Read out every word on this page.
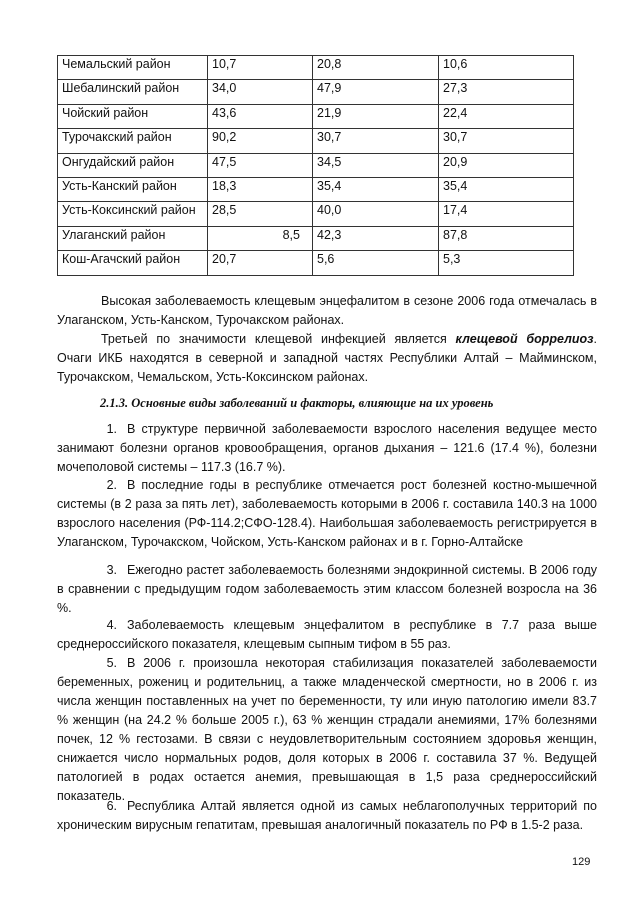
Чемальский район	10,7	20,8	10,6
Шебалинский район	34,0	47,9	27,3
Чойский район	43,6	21,9	22,4
Турочакский район	90,2	30,7	30,7
Онгудайский район	47,5	34,5	20,9
Усть-Канский район	18,3	35,4	35,4
Усть-Коксинский район	28,5	40,0	17,4
Улаганский район	8,5	42,3	87,8
Кош-Агачский район	20,7	5,6	5,3
Высокая заболеваемость клещевым энцефалитом в сезоне 2006 года отмечалась в Улаганском, Усть-Канском, Турочакском районах.
Третьей по значимости клещевой инфекцией является клещевой боррелиоз. Очаги ИКБ находятся в северной и западной частях Республики Алтай – Майминском, Турочакском, Чемальском, Усть-Коксинском районах.
2.1.3. Основные виды заболеваний и факторы, влияющие на их уровень
1. В структуре первичной заболеваемости взрослого населения ведущее место занимают болезни органов кровообращения, органов дыхания – 121.6 (17.4 %), болезни мочеполовой системы – 117.3 (16.7 %).
2. В последние годы в республике отмечается рост болезней костно-мышечной системы (в 2 раза за пять лет), заболеваемость которыми в 2006 г. составила 140.3 на 1000 взрослого населения (РФ-114.2;СФО-128.4). Наибольшая заболеваемость регистрируется в Улаганском, Турочакском, Чойском, Усть-Канском районах и в г. Горно-Алтайске
3. Ежегодно растет заболеваемость болезнями эндокринной системы. В 2006 году в сравнении с предыдущим годом заболеваемость этим классом болезней возросла на 36 %.
4. Заболеваемость клещевым энцефалитом в республике в 7.7 раза выше среднероссийского показателя, клещевым сыпным тифом в 55 раз.
5. В 2006 г. произошла некоторая стабилизация показателей заболеваемости беременных, рожениц и родительниц, а также младенческой смертности, но в 2006 г. из числа женщин поставленных на учет по беременности, ту или иную патологию имели 83.7 % женщин (на 24.2 % больше 2005 г.), 63 % женщин страдали анемиями, 17% болезнями почек, 12 % гестозами. В связи с неудовлетворительным состоянием здоровья женщин, снижается число нормальных родов, доля которых в 2006 г. составила 37 %. Ведущей патологией в родах остается анемия, превышающая в 1,5 раза среднероссийский показатель.
6. Республика Алтай является одной из самых неблагополучных территорий по хроническим вирусным гепатитам, превышая аналогичный показатель по РФ в 1.5-2 раза.
129
